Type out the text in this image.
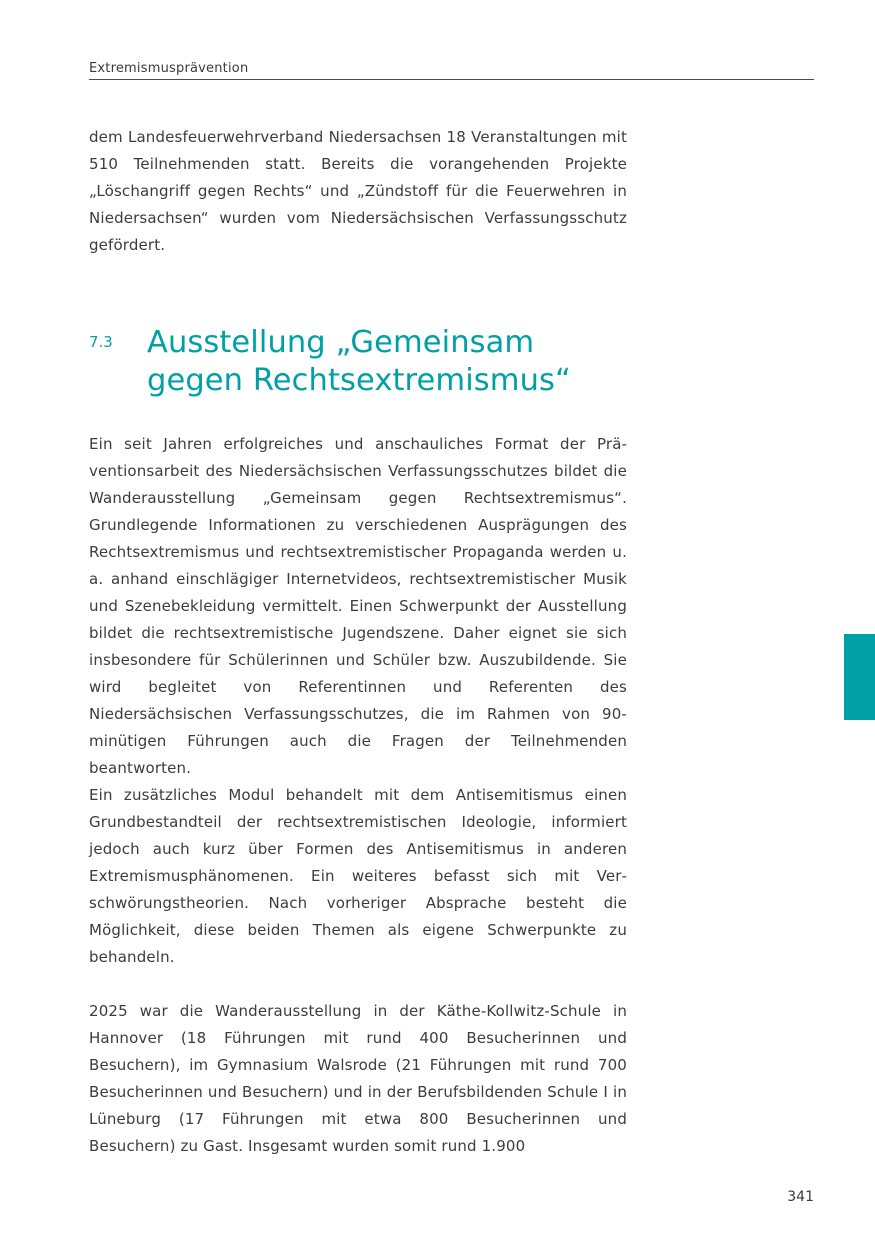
Extremismusprävention

dem Landesfeuerwehrverband Niedersachsen 18 Veranstaltungen mit 510 Teilnehmenden statt. Bereits die vorangehenden Projekte „Löschangriff gegen Rechts“ und „Zündstoff für die Feuerwehren in Niedersachsen“ wurden vom Niedersächsischen Verfassungsschutz gefördert.

7.3 Ausstellung „Gemeinsam gegen Rechtsextremismus“

Ein seit Jahren erfolgreiches und anschauliches Format der Präventionsarbeit des Niedersächsischen Verfassungsschutzes bildet die Wanderausstellung „Gemeinsam gegen Rechtsextremismus“. Grundlegende Informationen zu verschiedenen Ausprägungen des Rechtsextremismus und rechtsextremistischer Propaganda werden u. a. anhand einschlägiger Internetvideos, rechtsextremistischer Musik und Szenebekleidung vermittelt. Einen Schwerpunkt der Ausstellung bildet die rechtsextremistische Jugendszene. Daher eignet sie sich insbesondere für Schülerinnen und Schüler bzw. Auszubildende. Sie wird begleitet von Referentinnen und Referenten des Niedersächsischen Verfassungsschutzes, die im Rahmen von 90-minütigen Führungen auch die Fragen der Teilnehmenden beantworten.

Ein zusätzliches Modul behandelt mit dem Antisemitismus einen Grundbestandteil der rechtsextremistischen Ideologie, informiert jedoch auch kurz über Formen des Antisemitismus in anderen Extremismusphänomenen. Ein weiteres befasst sich mit Verschwörungstheorien. Nach vorheriger Absprache besteht die Möglichkeit, diese beiden Themen als eigene Schwerpunkte zu behandeln.

2025 war die Wanderausstellung in der Käthe-Kollwitz-Schule in Hannover (18 Führungen mit rund 400 Besucherinnen und Besuchern), im Gymnasium Walsrode (21 Führungen mit rund 700 Besucherinnen und Besuchern) und in der Berufsbildenden Schule I in Lüneburg (17 Führungen mit etwa 800 Besucherinnen und Besuchern) zu Gast. Insgesamt wurden somit rund 1.900

341
